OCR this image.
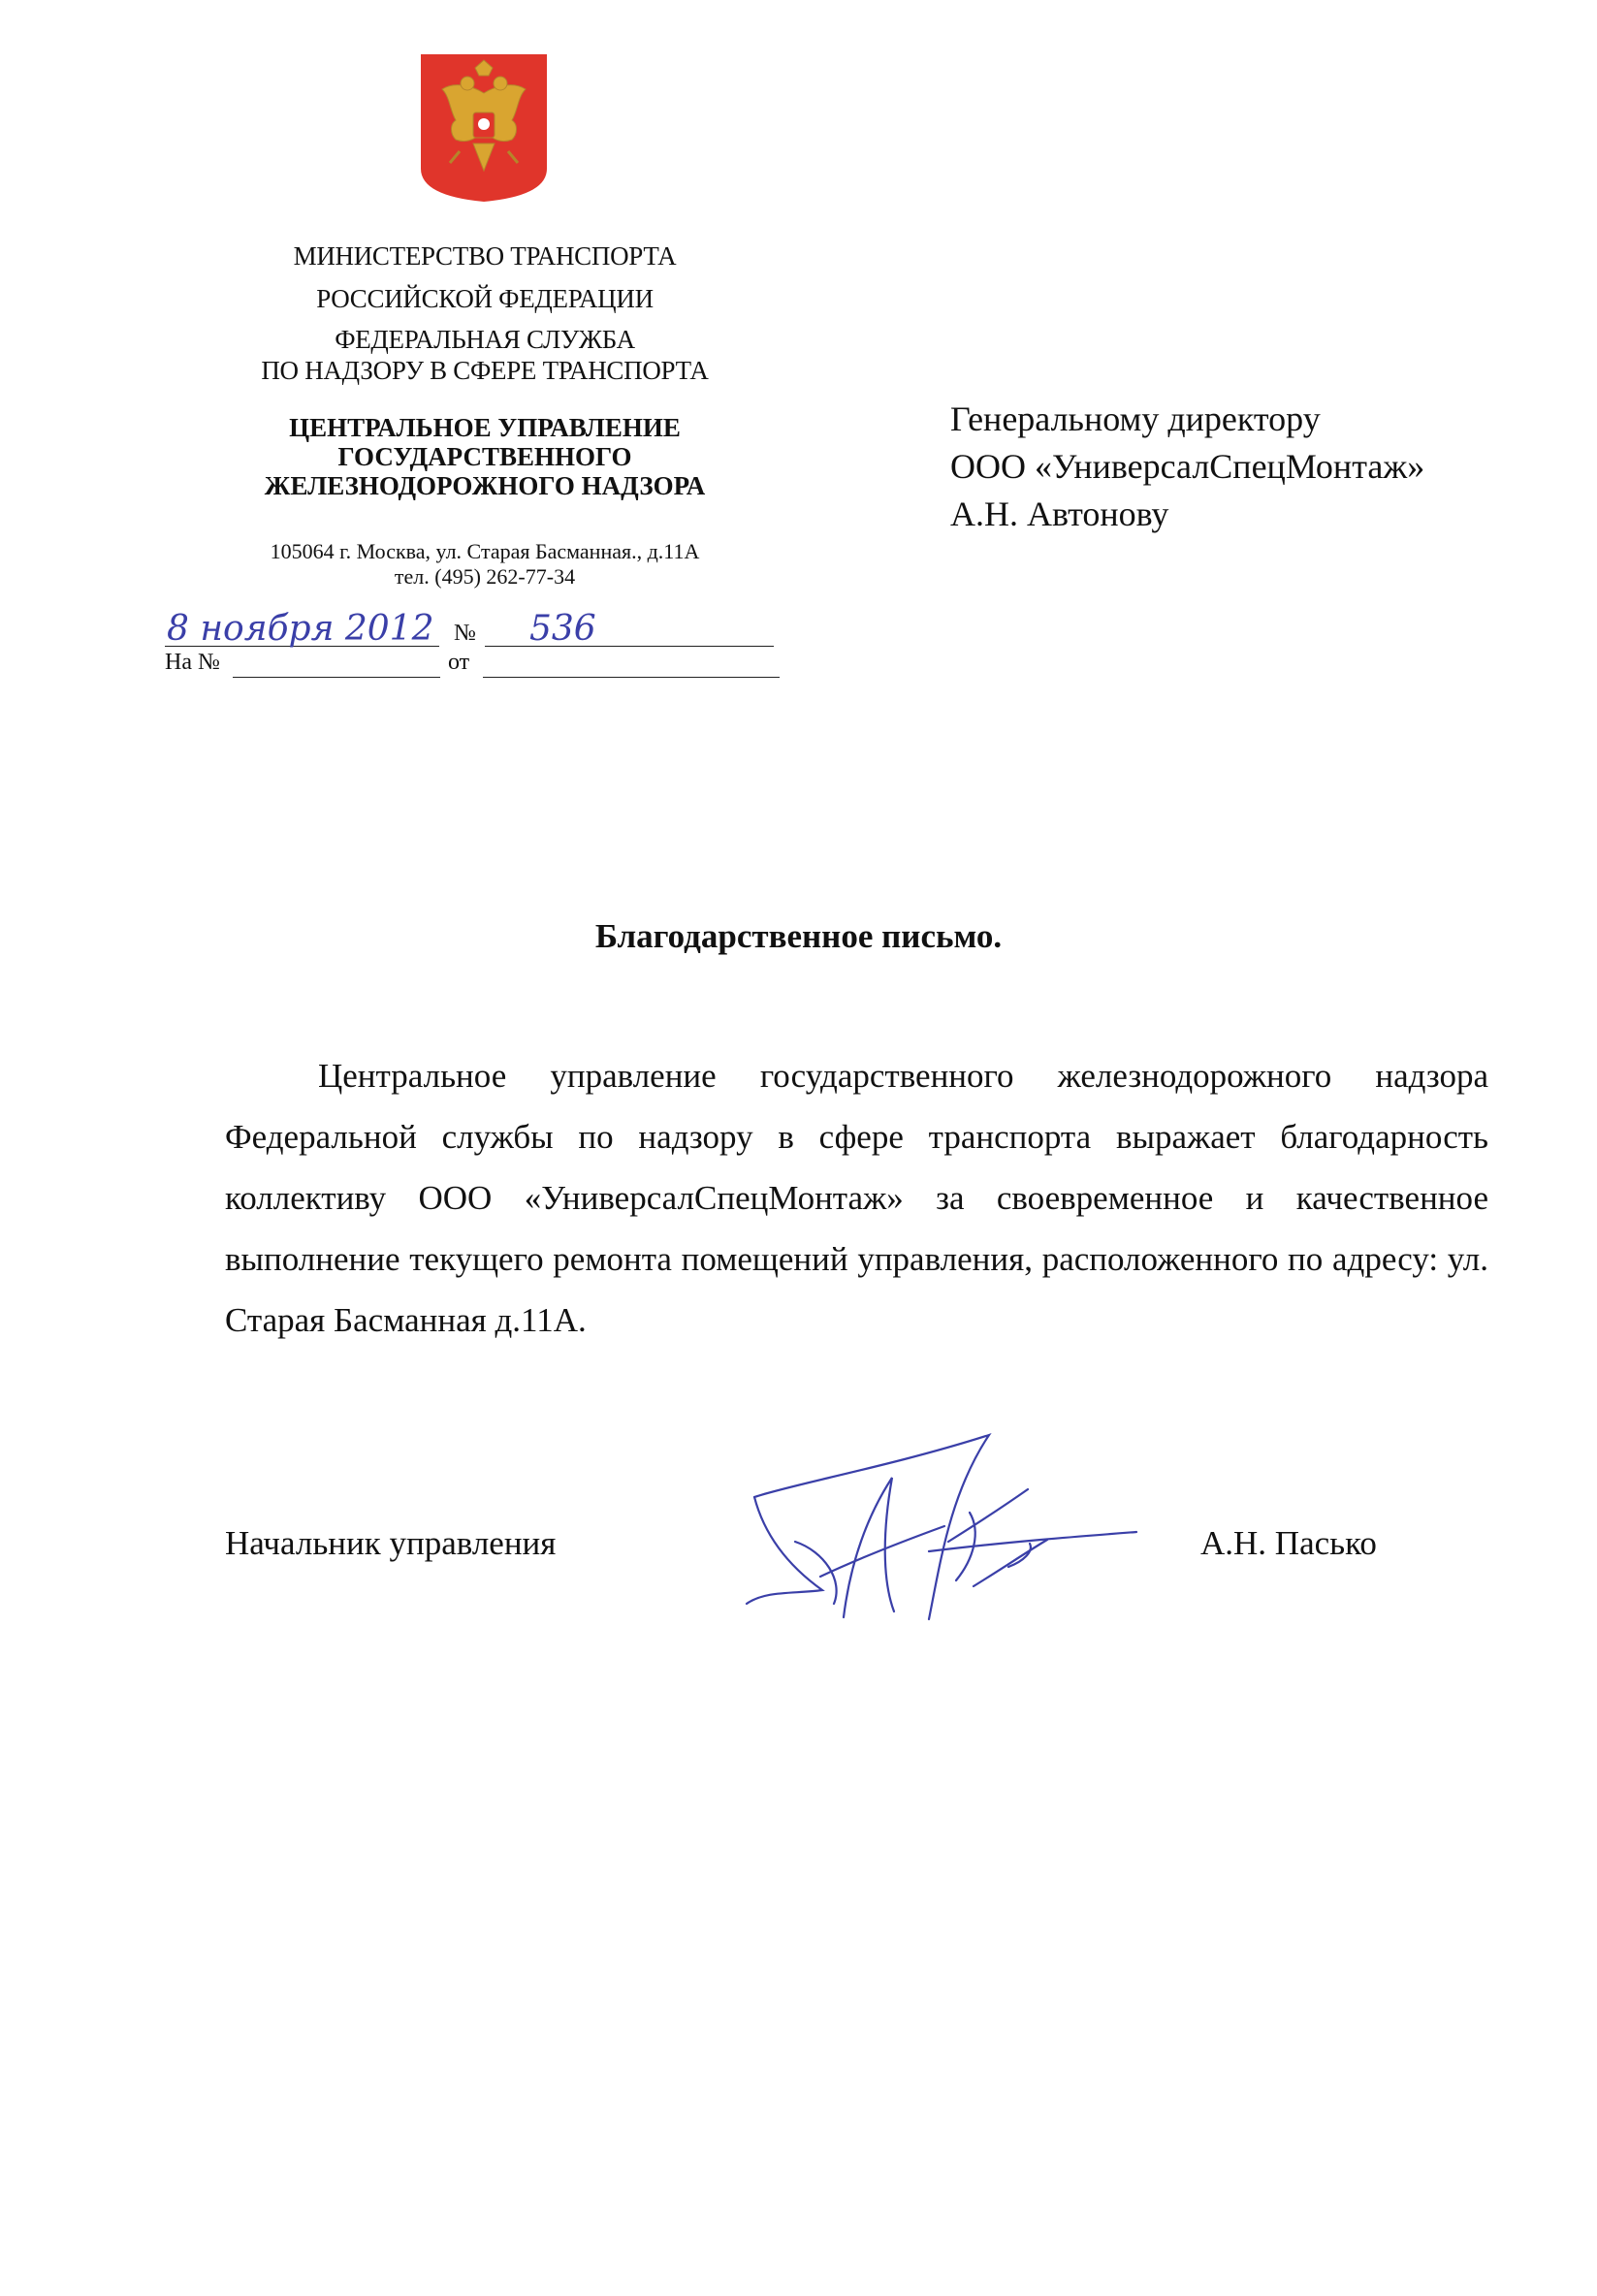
МИНИСТЕРСТВО ТРАНСПОРТА
РОССИЙСКОЙ ФЕДЕРАЦИИ
ФЕДЕРАЛЬНАЯ СЛУЖБА
ПО НАДЗОРУ В СФЕРЕ ТРАНСПОРТА
ЦЕНТРАЛЬНОЕ УПРАВЛЕНИЕ
ГОСУДАРСТВЕННОГО
ЖЕЛЕЗНОДОРОЖНОГО НАДЗОРА
105064 г. Москва, ул. Старая Басманная., д.11А
тел. (495) 262-77-34
8 ноября 2012 № 536
На №	от
Генеральному директору
ООО «УниверсалСпецМонтаж»
А.Н. Автонову
Благодарственное письмо.

Центральное управление государственного железнодорожного надзора Федеральной службы по надзору в сфере транспорта выражает благодарность коллективу ООО «УниверсалСпецМонтаж» за своевременное и качественное выполнение текущего ремонта помещений управления, расположенного по адресу: ул. Старая Басманная д.11А.

Начальник управления	А.Н. Пасько
